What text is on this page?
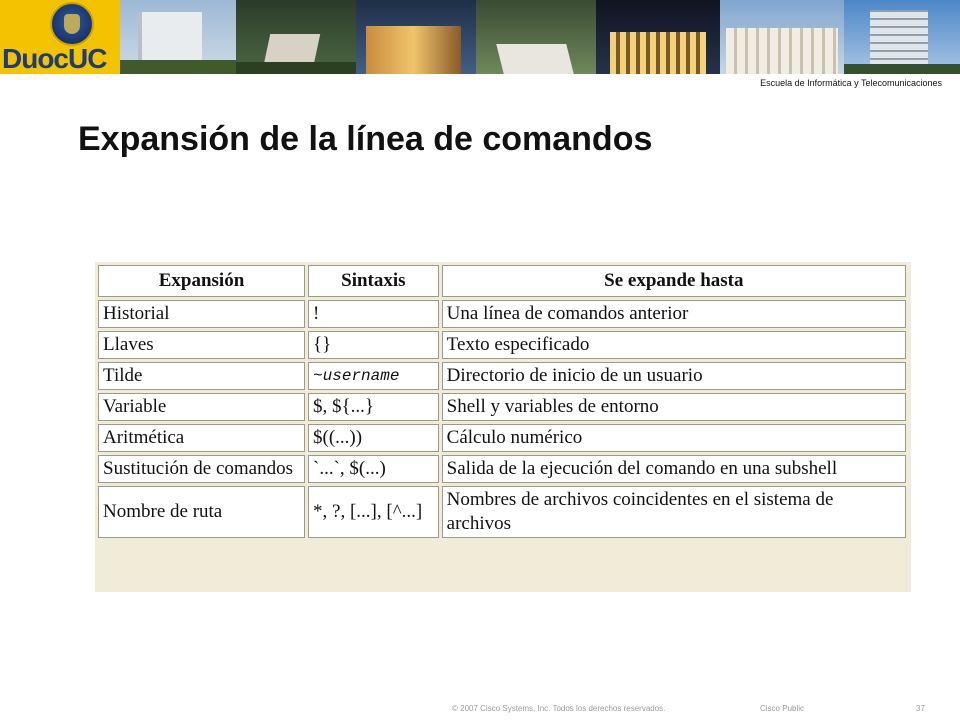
DuocUC
Escuela de Informática y Telecomunicaciones
Expansión de la línea de comandos
Expansión	Sintaxis	Se expande hasta
Historial	!	Una línea de comandos anterior
Llaves	{}	Texto especificado
Tilde	~username	Directorio de inicio de un usuario
Variable	$, ${...}	Shell y variables de entorno
Aritmética	$((...))	Cálculo numérico
Sustitución de comandos	`...`, $(...)	Salida de la ejecución del comando en una subshell
Nombre de ruta	*, ?, [...], [^...]	Nombres de archivos coincidentes en el sistema de archivos
© 2007 Cisco Systems, Inc. Todos los derechos reservados.	Cisco Public	37
